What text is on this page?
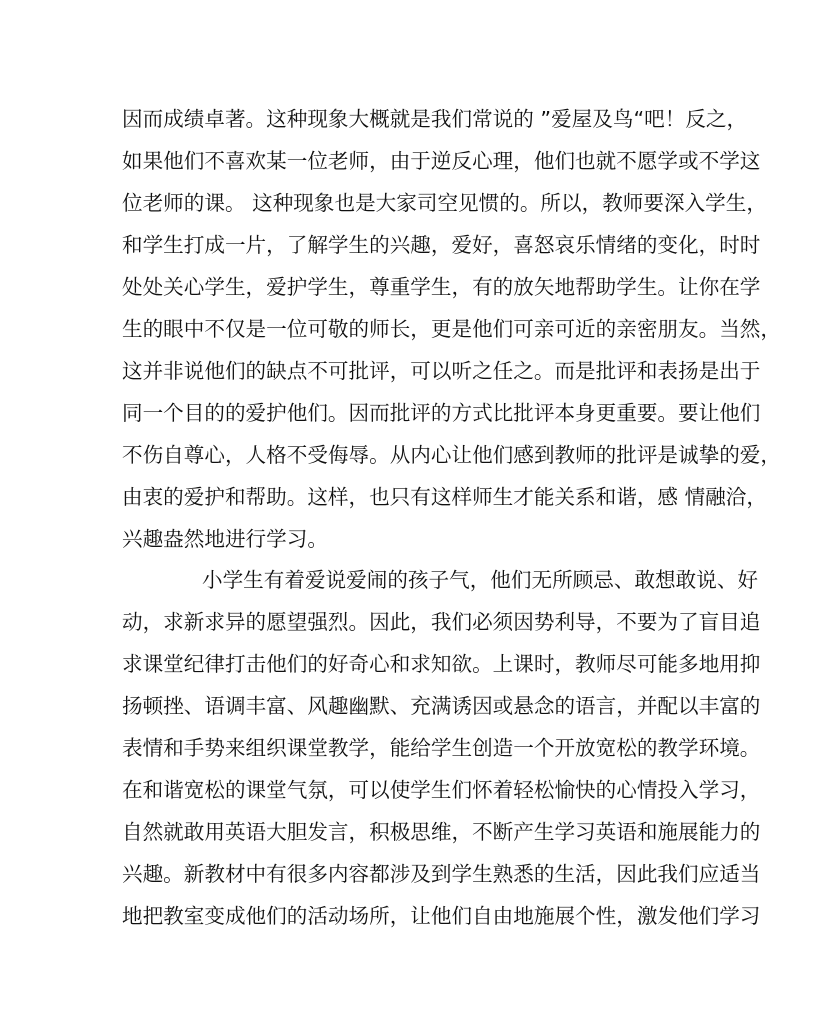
因而成绩卓著。这种现象大概就是我们常说的 ”爱屋及鸟“吧！反之，
如果他们不喜欢某一位老师，由于逆反心理，他们也就不愿学或不学这
位老师的课。 这种现象也是大家司空见惯的。所以，教师要深入学生，
和学生打成一片，了解学生的兴趣，爱好，喜怒哀乐情绪的变化，时时
处处关心学生，爱护学生，尊重学生，有的放矢地帮助学生。让你在学
生的眼中不仅是一位可敬的师长，更是他们可亲可近的亲密朋友。当然，
这并非说他们的缺点不可批评，可以听之任之。而是批评和表扬是出于
同一个目的的爱护他们。因而批评的方式比批评本身更重要。要让他们
不伤自尊心，人格不受侮辱。从内心让他们感到教师的批评是诚挚的爱，
由衷的爱护和帮助。这样，也只有这样师生才能关系和谐，感 情融洽，
兴趣盎然地进行学习。
小学生有着爱说爱闹的孩子气，他们无所顾忌、敢想敢说、好
动，求新求异的愿望强烈。因此，我们必须因势利导，不要为了盲目追
求课堂纪律打击他们的好奇心和求知欲。上课时，教师尽可能多地用抑
扬顿挫、语调丰富、风趣幽默、充满诱因或悬念的语言，并配以丰富的
表情和手势来组织课堂教学，能给学生创造一个开放宽松的教学环境。
在和谐宽松的课堂气氛，可以使学生们怀着轻松愉快的心情投入学习，
自然就敢用英语大胆发言，积极思维，不断产生学习英语和施展能力的
兴趣。新教材中有很多内容都涉及到学生熟悉的生活，因此我们应适当
地把教室变成他们的活动场所，让他们自由地施展个性，激发他们学习
